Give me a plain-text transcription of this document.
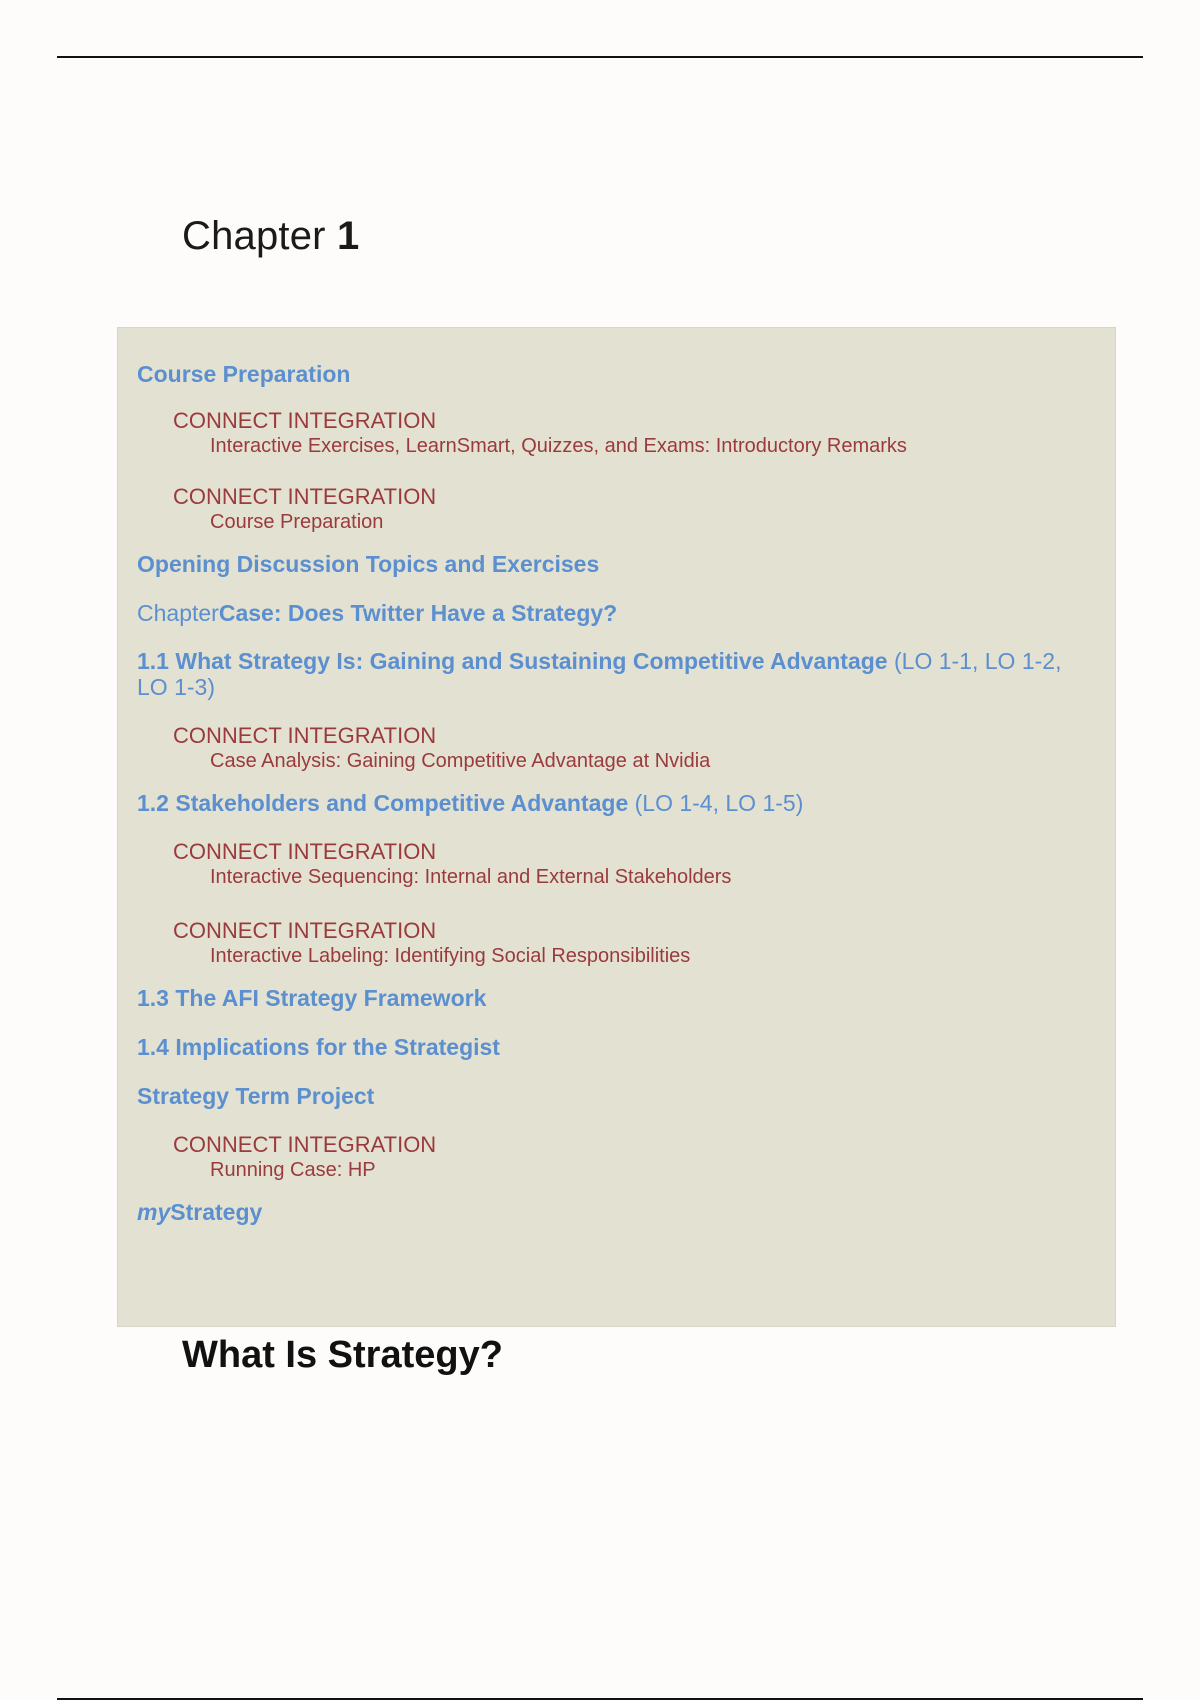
Chapter 1
Course Preparation
CONNECT INTEGRATION
Interactive Exercises, LearnSmart, Quizzes, and Exams: Introductory Remarks
CONNECT INTEGRATION
Course Preparation
Opening Discussion Topics and Exercises
ChapterCase: Does Twitter Have a Strategy?
1.1 What Strategy Is: Gaining and Sustaining Competitive Advantage (LO 1-1, LO 1-2, LO 1-3)
CONNECT INTEGRATION
Case Analysis: Gaining Competitive Advantage at Nvidia
1.2 Stakeholders and Competitive Advantage (LO 1-4, LO 1-5)
CONNECT INTEGRATION
Interactive Sequencing: Internal and External Stakeholders
CONNECT INTEGRATION
Interactive Labeling: Identifying Social Responsibilities
1.3 The AFI Strategy Framework
1.4 Implications for the Strategist
Strategy Term Project
CONNECT INTEGRATION
Running Case: HP
myStrategy
What Is Strategy?
